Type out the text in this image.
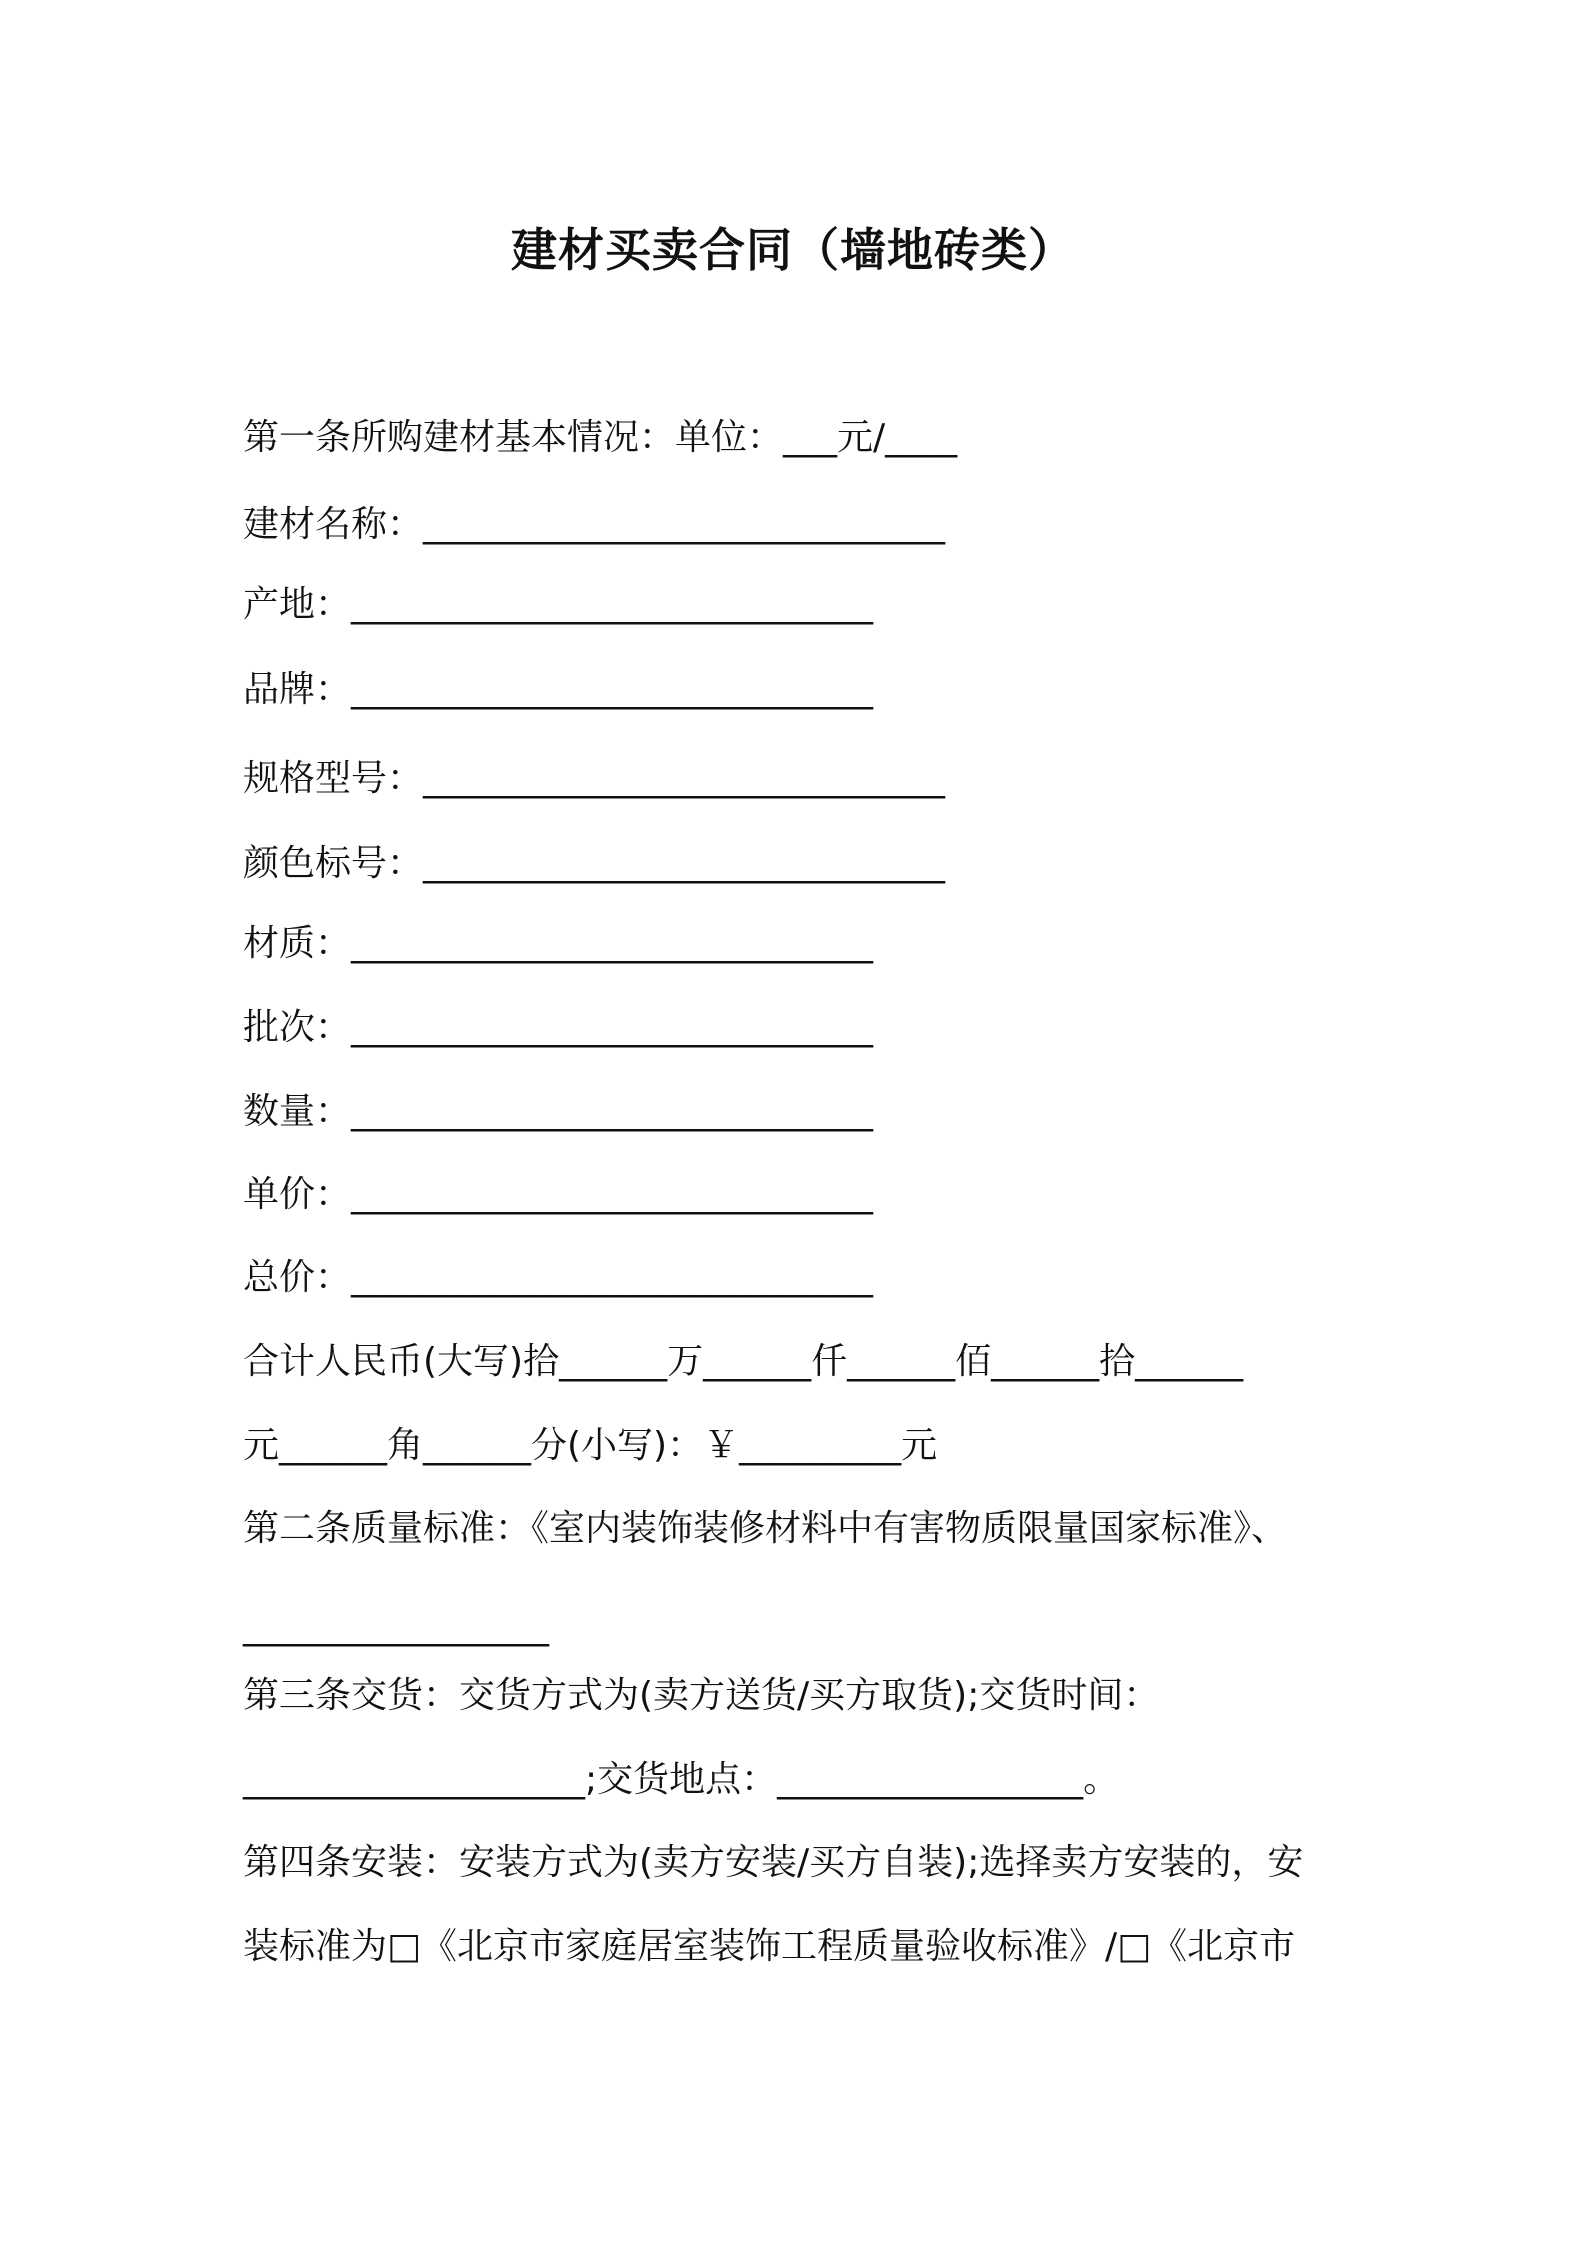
建材买卖合同（墙地砖类）
第一条所购建材基本情况：单位：___元/____
建材名称：_____________________________
产地：_____________________________
品牌：_____________________________
规格型号：_____________________________
颜色标号：_____________________________
材质：_____________________________
批次：_____________________________
数量：_____________________________
单价：_____________________________
总价：_____________________________
合计人民币(大写)拾______万______仟______佰______拾______
元______角______分(小写)：￥_________元
第二条质量标准：《室内装饰装修材料中有害物质限量国家标准》、
_________________
第三条交货：交货方式为(卖方送货/买方取货);交货时间：
___________________;交货地点：_________________。
第四条安装：安装方式为(卖方安装/买方自装);选择卖方安装的，安
装标准为□《北京市家庭居室装饰工程质量验收标准》/□《北京市
